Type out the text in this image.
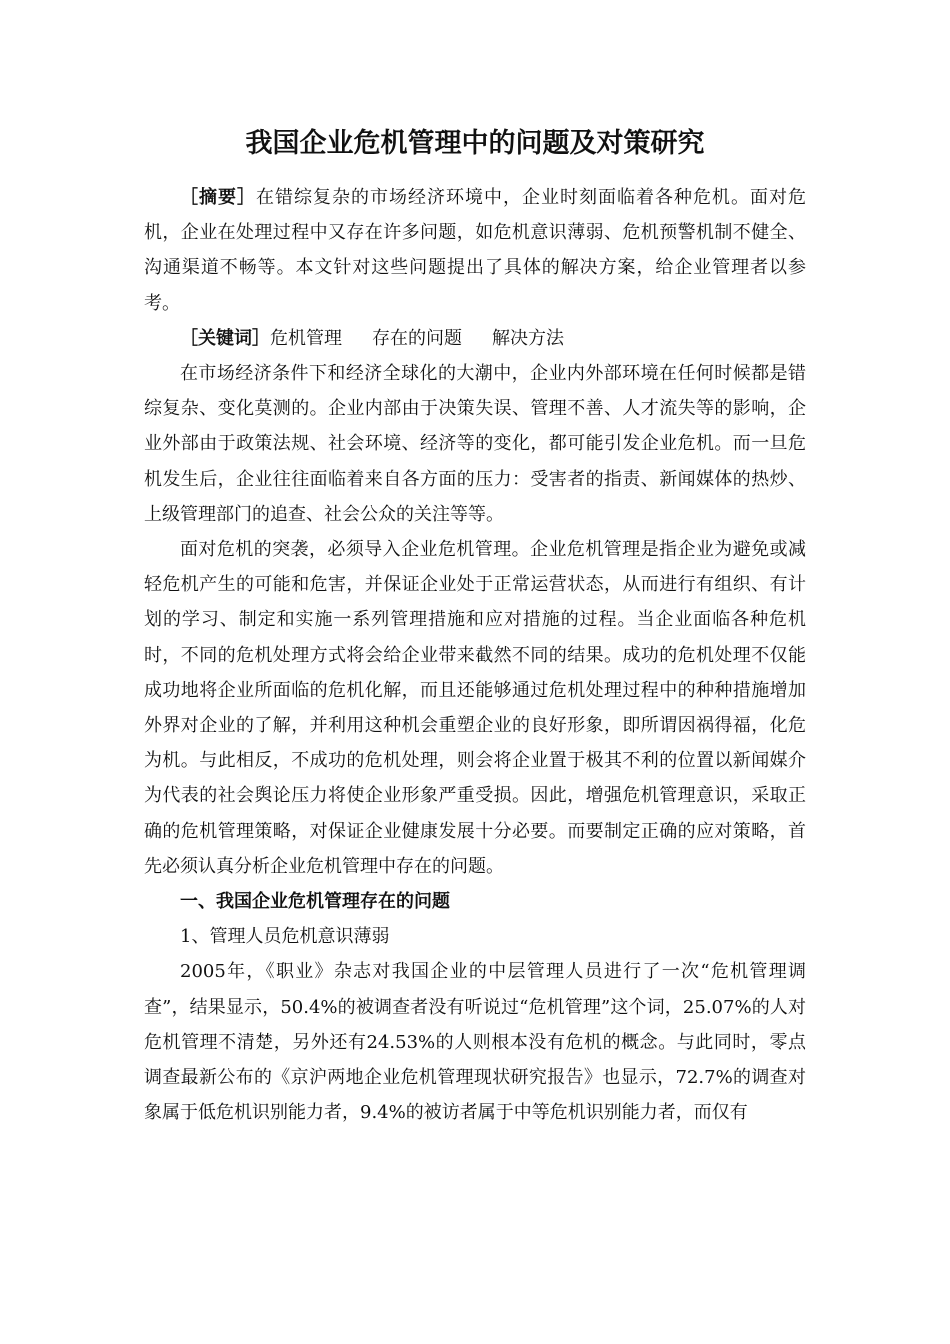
我国企业危机管理中的问题及对策研究

［摘要］在错综复杂的市场经济环境中，企业时刻面临着各种危机。面对危机，企业在处理过程中又存在许多问题，如危机意识薄弱、危机预警机制不健全、沟通渠道不畅等。本文针对这些问题提出了具体的解决方案，给企业管理者以参考。

［关键词］危机管理 存在的问题 解决方法

在市场经济条件下和经济全球化的大潮中，企业内外部环境在任何时候都是错综复杂、变化莫测的。企业内部由于决策失误、管理不善、人才流失等的影响，企业外部由于政策法规、社会环境、经济等的变化，都可能引发企业危机。而一旦危机发生后，企业往往面临着来自各方面的压力：受害者的指责、新闻媒体的热炒、上级管理部门的追查、社会公众的关注等等。

面对危机的突袭，必须导入企业危机管理。企业危机管理是指企业为避免或减轻危机产生的可能和危害，并保证企业处于正常运营状态，从而进行有组织、有计划的学习、制定和实施一系列管理措施和应对措施的过程。当企业面临各种危机时，不同的危机处理方式将会给企业带来截然不同的结果。成功的危机处理不仅能成功地将企业所面临的危机化解，而且还能够通过危机处理过程中的种种措施增加外界对企业的了解，并利用这种机会重塑企业的良好形象，即所谓因祸得福，化危为机。与此相反，不成功的危机处理，则会将企业置于极其不利的位置以新闻媒介为代表的社会舆论压力将使企业形象严重受损。因此，增强危机管理意识，采取正确的危机管理策略，对保证企业健康发展十分必要。而要制定正确的应对策略，首先必须认真分析企业危机管理中存在的问题。

一、我国企业危机管理存在的问题

1、管理人员危机意识薄弱

2005年，《职业》杂志对我国企业的中层管理人员进行了一次“危机管理调查”，结果显示，50.4%的被调查者没有听说过“危机管理”这个词，25.07%的人对危机管理不清楚，另外还有24.53%的人则根本没有危机的概念。与此同时，零点调查最新公布的《京沪两地企业危机管理现状研究报告》也显示，72.7%的调查对象属于低危机识别能力者，9.4%的被访者属于中等危机识别能力者，而仅有
